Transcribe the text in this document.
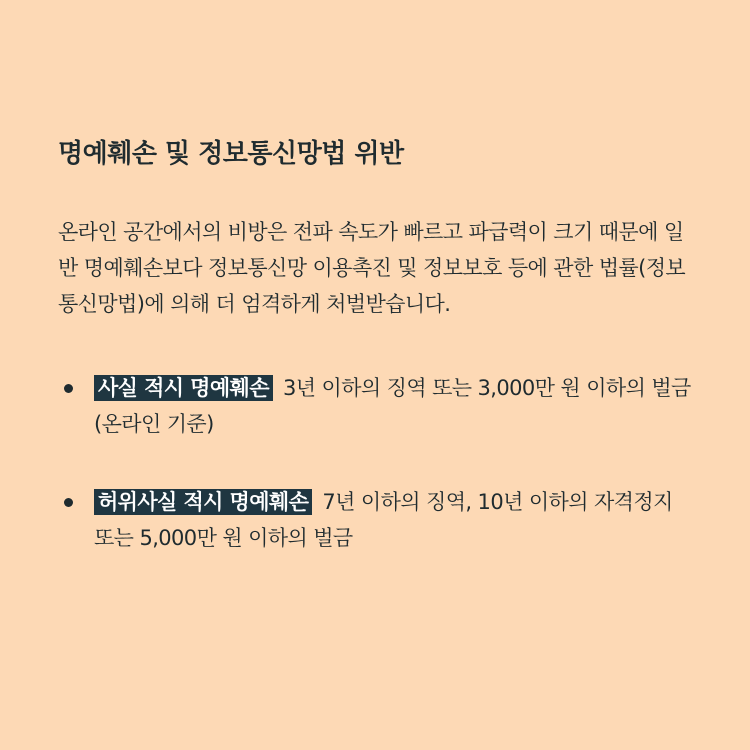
명예훼손 및 정보통신망법 위반

온라인 공간에서의 비방은 전파 속도가 빠르고 파급력이 크기 때문에 일반 명예훼손보다 정보통신망 이용촉진 및 정보보호 등에 관한 법률(정보통신망법)에 의해 더 엄격하게 처벌받습니다.

사실 적시 명예훼손 3년 이하의 징역 또는 3,000만 원 이하의 벌금 (온라인 기준)
허위사실 적시 명예훼손 7년 이하의 징역, 10년 이하의 자격정지 또는 5,000만 원 이하의 벌금
